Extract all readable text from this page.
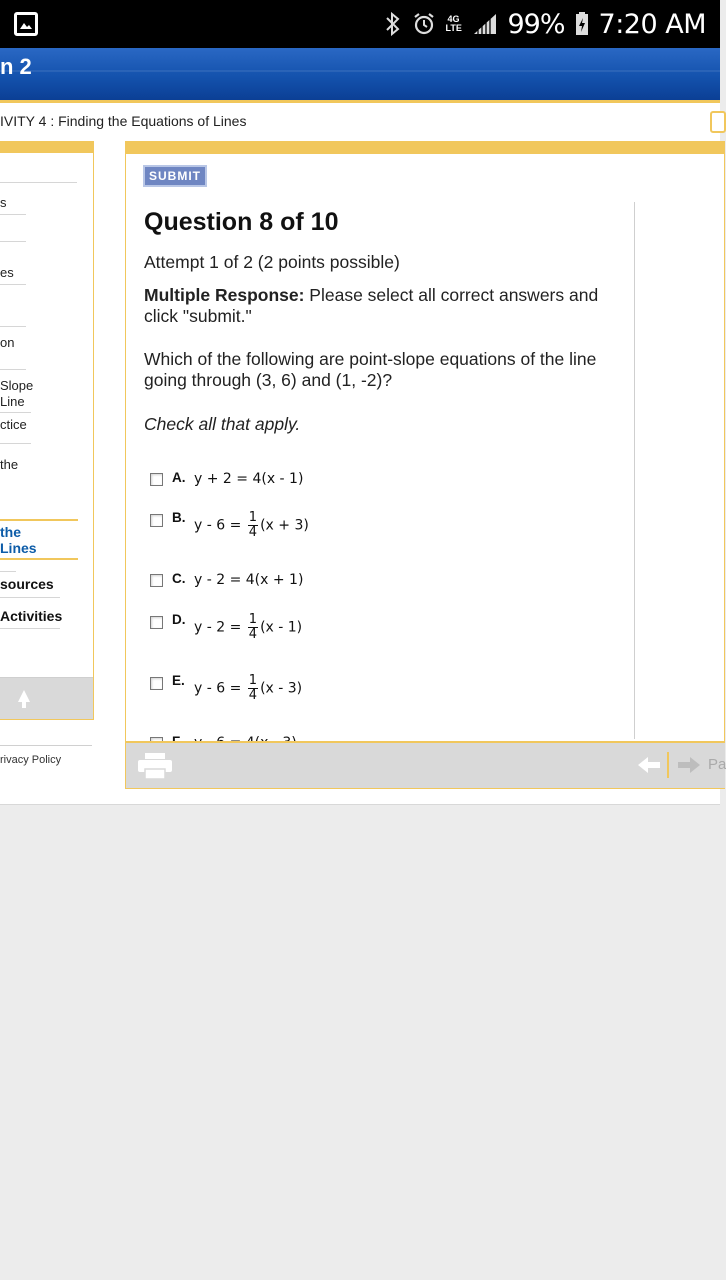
4G LTE 99% 7:20 AM
n 2
IVITY 4 : Finding the Equations of Lines
s
es
on
Slope
Line
ctice
the
the
Lines
sources
Activities
rivacy Policy
SUBMIT
Question 8 of 10
Attempt 1 of 2 (2 points possible)
Multiple Response: Please select all correct answers and click "submit."
Which of the following are point-slope equations of the line going through (3, 6) and (1, -2)?
Check all that apply.
A. y + 2 = 4(x - 1)
B. $y - 6 = \frac{1}{4} (x + 3)$
C. y - 2 = 4(x + 1)
D. $y - 2 = \frac{1}{4} (x - 1)$
E. $y - 6 = \frac{1}{4} (x - 3)$
Pa
